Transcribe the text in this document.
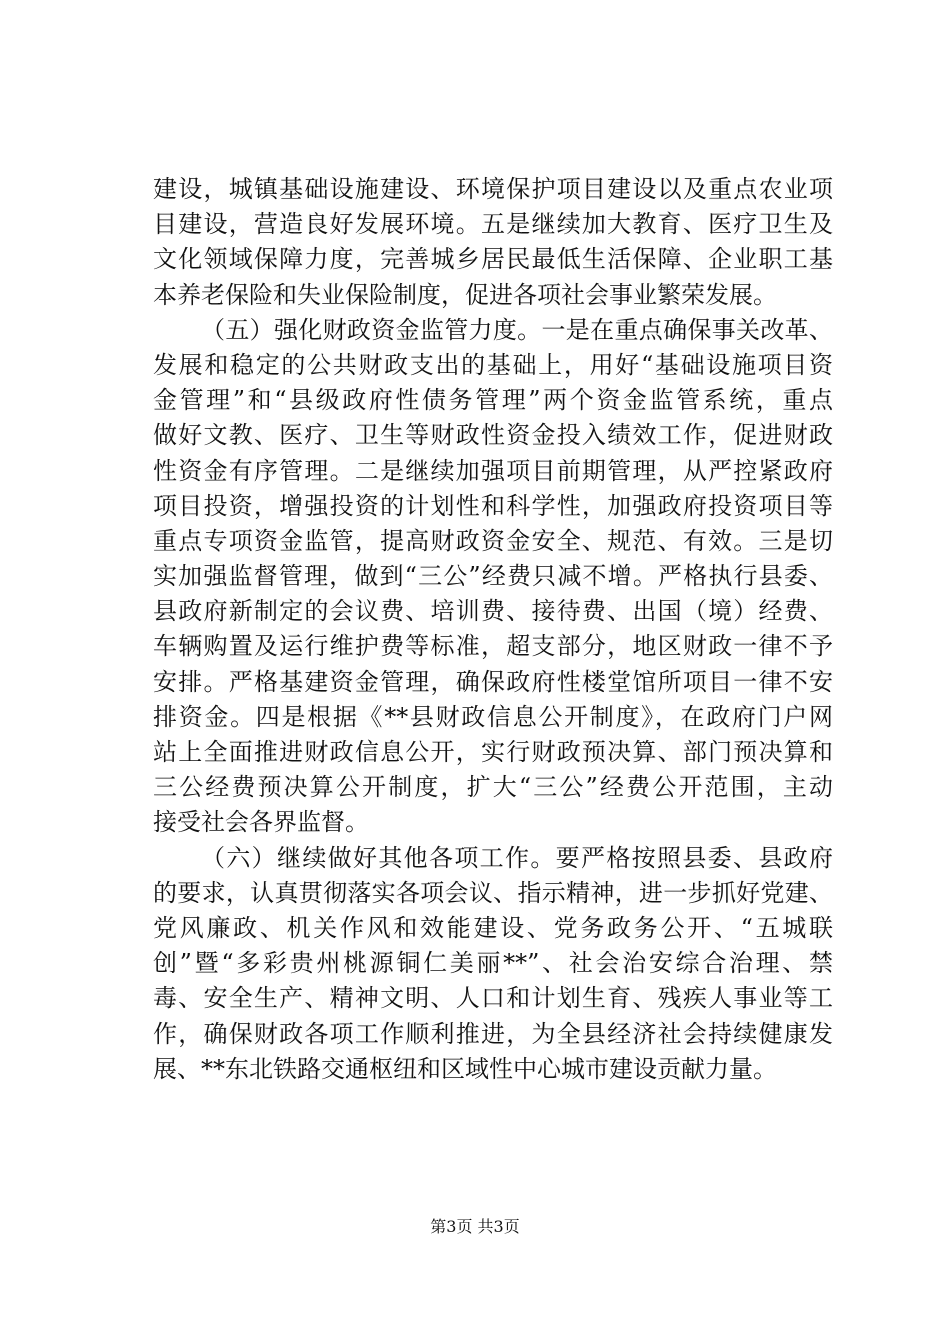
建设，城镇基础设施建设、环境保护项目建设以及重点农业项
目建设，营造良好发展环境。五是继续加大教育、医疗卫生及
文化领域保障力度，完善城乡居民最低生活保障、企业职工基
本养老保险和失业保险制度，促进各项社会事业繁荣发展。

（五）强化财政资金监管力度。一是在重点确保事关改革、
发展和稳定的公共财政支出的基础上，用好“基础设施项目资
金管理”和“县级政府性债务管理”两个资金监管系统，重点
做好文教、医疗、卫生等财政性资金投入绩效工作，促进财政
性资金有序管理。二是继续加强项目前期管理，从严控紧政府
项目投资，增强投资的计划性和科学性，加强政府投资项目等
重点专项资金监管，提高财政资金安全、规范、有效。三是切
实加强监督管理，做到“三公”经费只减不增。严格执行县委、
县政府新制定的会议费、培训费、接待费、出国（境）经费、
车辆购置及运行维护费等标准，超支部分，地区财政一律不予
安排。严格基建资金管理，确保政府性楼堂馆所项目一律不安
排资金。四是根据《**县财政信息公开制度》，在政府门户网
站上全面推进财政信息公开，实行财政预决算、部门预决算和
三公经费预决算公开制度，扩大“三公”经费公开范围，主动
接受社会各界监督。

（六）继续做好其他各项工作。要严格按照县委、县政府
的要求，认真贯彻落实各项会议、指示精神，进一步抓好党建、
党风廉政、机关作风和效能建设、党务政务公开、“五城联
创”暨“多彩贵州桃源铜仁美丽**”、社会治安综合治理、禁
毒、安全生产、精神文明、人口和计划生育、残疾人事业等工
作，确保财政各项工作顺利推进，为全县经济社会持续健康发
展、**东北铁路交通枢纽和区域性中心城市建设贡献力量。

第3页 共3页
